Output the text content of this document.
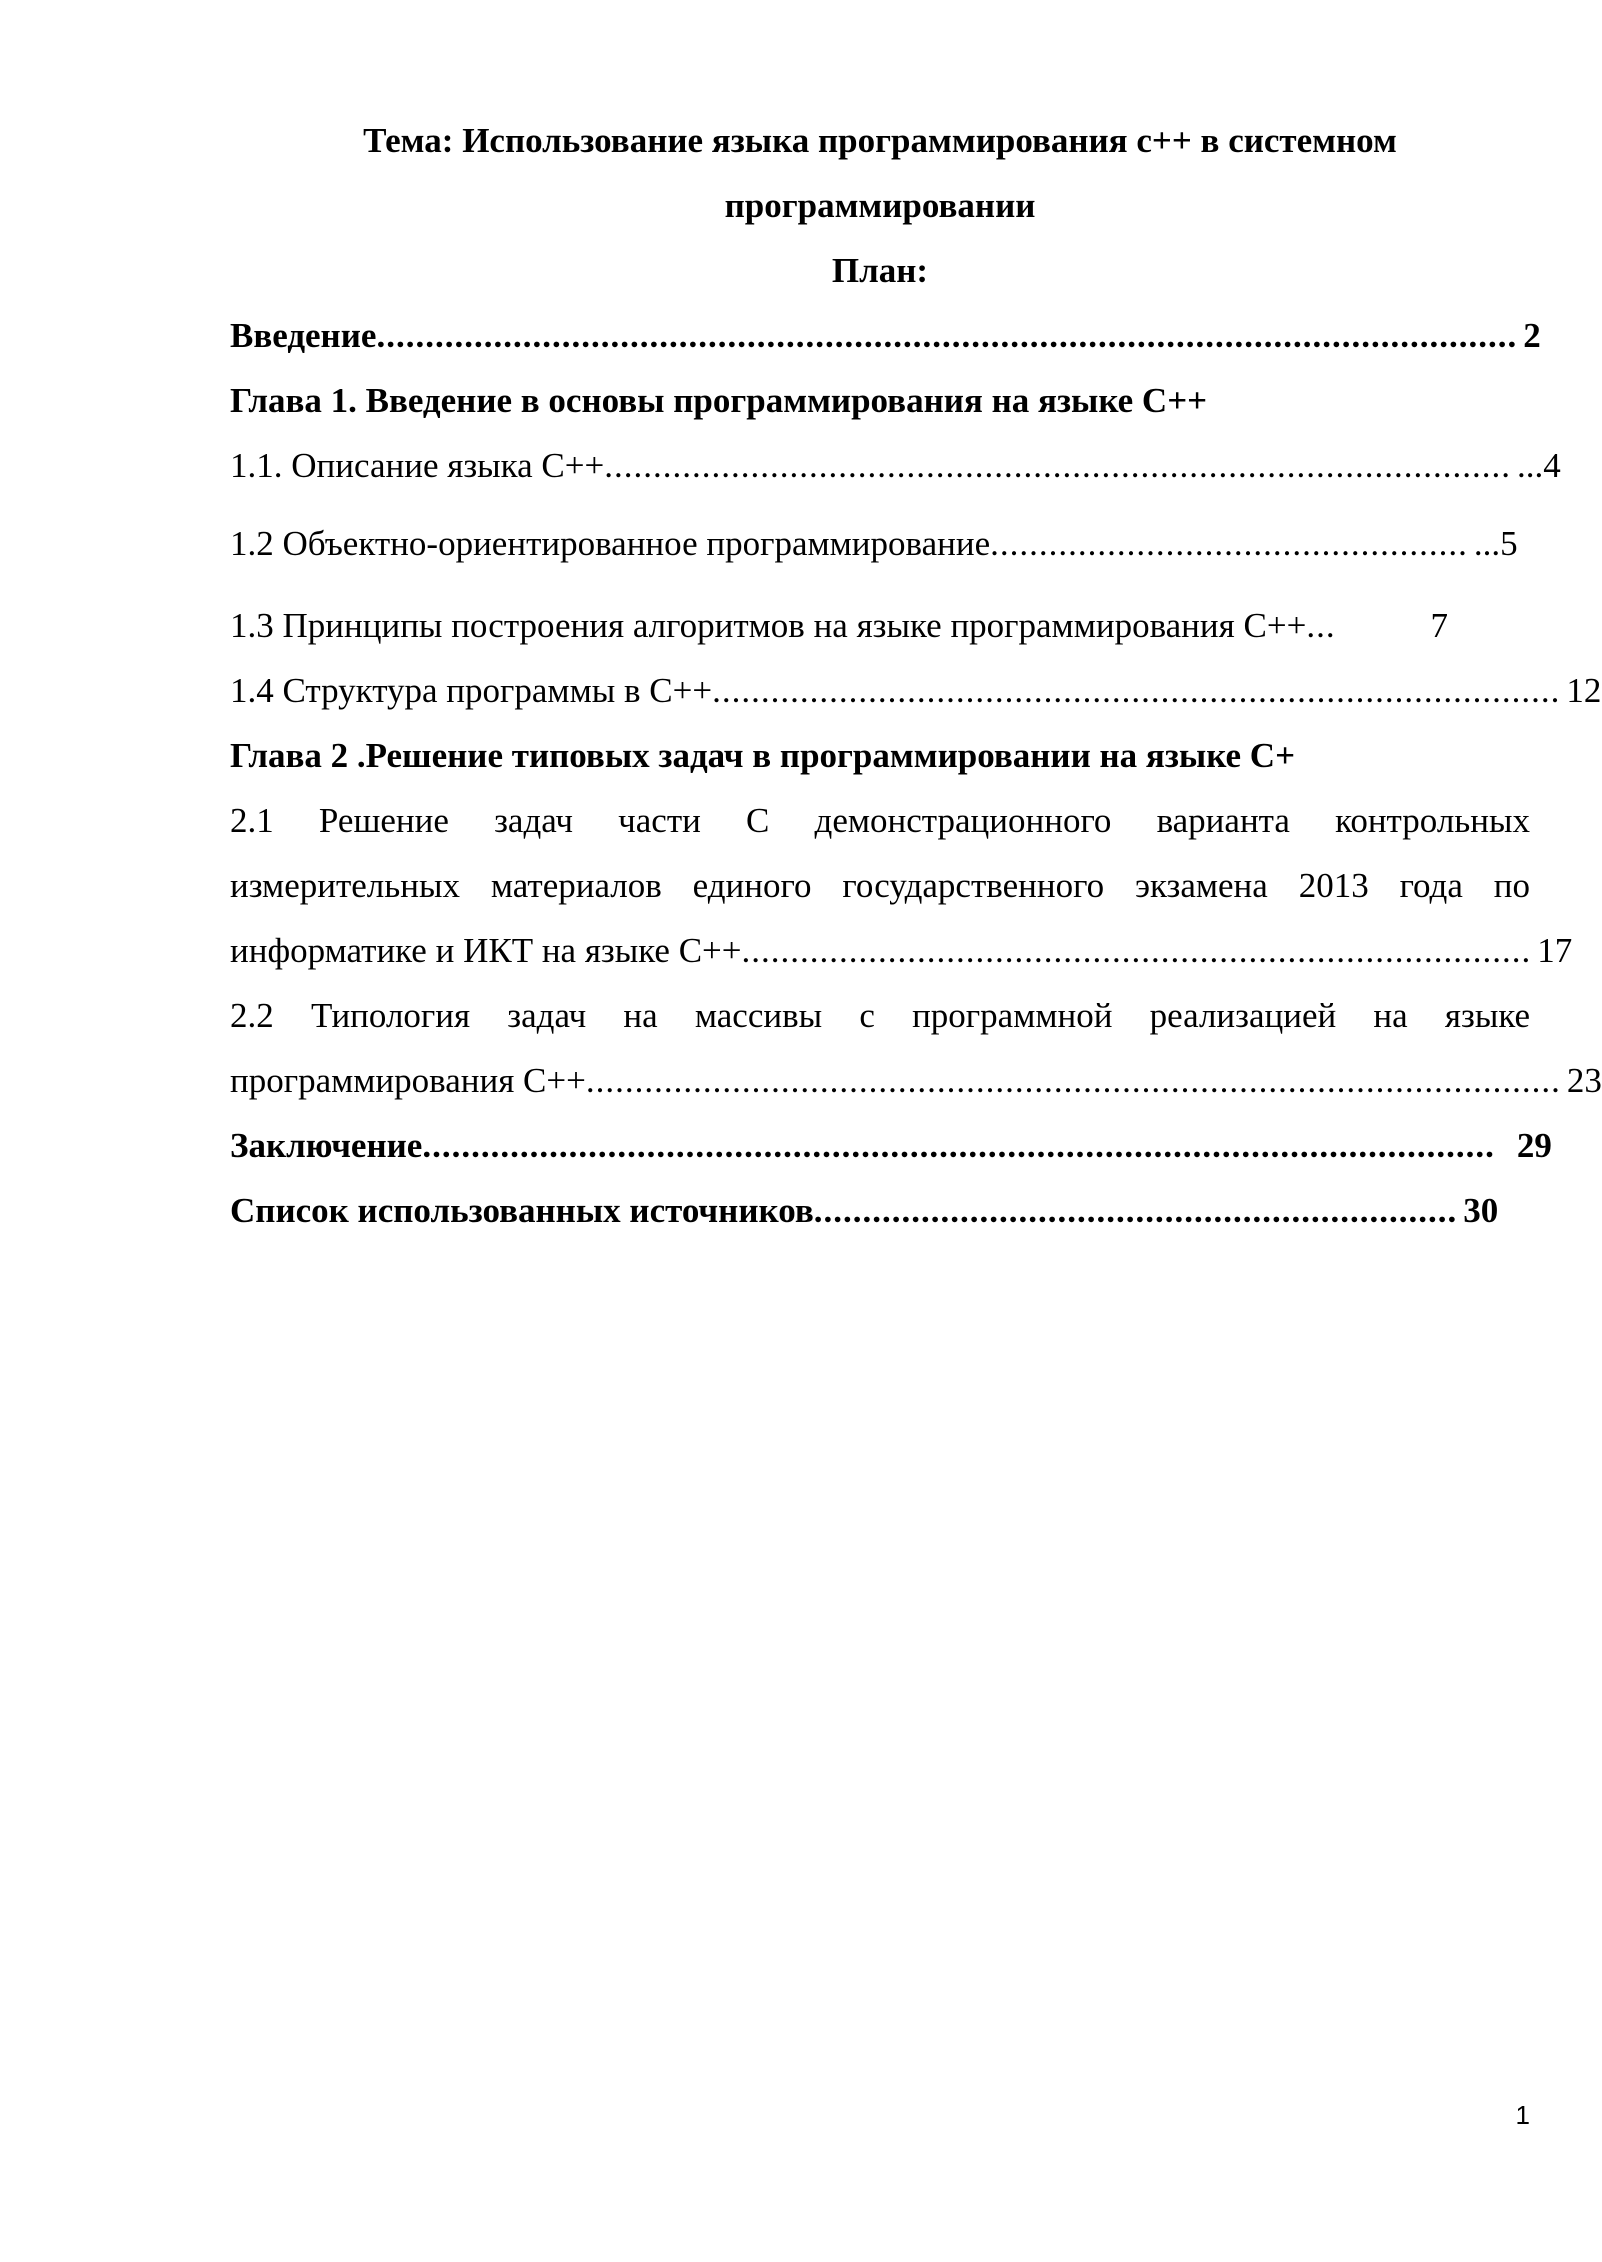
Тема: Использование языка программирования с++ в системном

программировании

План:

Введение ..................................................................................................................... 2

Глава 1. Введение в основы программирования на языке С++

1.1. Описание языка С++ ............................................................................................. ...4
1.2 Объектно-ориентированное программирование ................................................. ...5
1.3 Принципы построения алгоритмов на языке программирования С++ ...	7
1.4 Структура программы в С++ ....................................................................................... 12

Глава 2 .Решение типовых задач в программировании на языке С+

2.1 Решение задач части С демонстрационного варианта контрольных

измерительных материалов единого государственного экзамена 2013 года по

информатике и ИКТ на языке С++ ................................................................................. 17

2.2 Типология задач на массивы с программной реализацией на языке

программирования С++ .................................................................................................... 23
Заключение .............................................................................................................. 29
Список использованных источников .................................................................. 30
1
